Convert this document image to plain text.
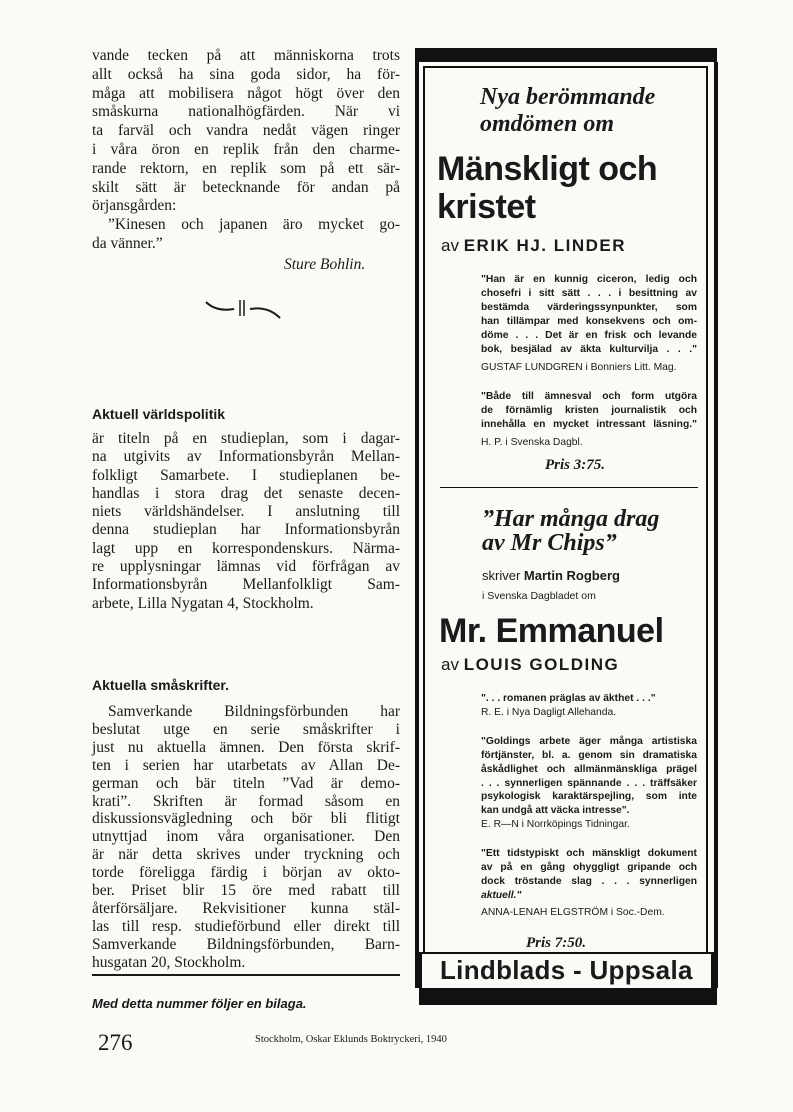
vande tecken på att människorna trots
allt också ha sina goda sidor, ha för-
måga att mobilisera något högt över den
småskurna nationalhögfärden. När vi
ta farväl och vandra nedåt vägen ringer
i våra öron en replik från den charme-
rande rektorn, en replik som på ett sär-
skilt sätt är betecknande för andan på
örjansgården:
”Kinesen och japanen äro mycket go-
da vänner.”
Sture Bohlin.
Aktuell världspolitik
är titeln på en studieplan, som i dagar-
na utgivits av Informationsbyrån Mellan-
folkligt Samarbete. I studieplanen be-
handlas i stora drag det senaste decen-
niets världshändelser. I anslutning till
denna studieplan har Informationsbyrån
lagt upp en korrespondenskurs. Närma-
re upplysningar lämnas vid förfrågan av
Informationsbyrån Mellanfolkligt Sam-
arbete, Lilla Nygatan 4, Stockholm.
Aktuella småskrifter.
Samverkande Bildningsförbunden har
beslutat utge en serie småskrifter i
just nu aktuella ämnen. Den första skrif-
ten i serien har utarbetats av Allan De-
german och bär titeln ”Vad är demo-
krati”. Skriften är formad såsom en
diskussionsvägledning och bör bli flitigt
utnyttjad inom våra organisationer. Den
är när detta skrives under tryckning och
torde föreligga färdig i början av okto-
ber. Priset blir 15 öre med rabatt till
återförsäljare. Rekvisitioner kunna stäl-
las till resp. studieförbund eller direkt till
Samverkande Bildningsförbunden, Barn-
husgatan 20, Stockholm.
Med detta nummer följer en bilaga.
276	Stockholm, Oskar Eklunds Boktryckeri, 1940
Nya berömmande
omdömen om
Mänskligt och
kristet
av ERIK HJ. LINDER
"Han är en kunnig ciceron, ledig och
chosefri i sitt sätt . . . i besittning av
bestämda värderingssynpunkter, som
han tillämpar med konsekvens och om-
döme . . . Det är en frisk och levande
bok, besjälad av äkta kulturvilja . . ."
GUSTAF LUNDGREN i Bonniers Litt. Mag.
"Både till ämnesval och form utgöra
de förnämlig kristen journalistik och
innehålla en mycket intressant läsning."
H. P. i Svenska Dagbl.
Pris 3:75.
”Har många drag
av Mr Chips”
skriver Martin Rogberg
i Svenska Dagbladet om
Mr. Emmanuel
av LOUIS GOLDING
". . . romanen präglas av äkthet . . ."
R. E. i Nya Dagligt Allehanda.
"Goldings arbete äger många artistiska
förtjänster, bl. a. genom sin dramatiska
åskådlighet och allmänmänskliga prägel
. . . synnerligen spännande . . . träffsäker
psykologisk karaktärspejling, som inte
kan undgå att väcka intresse".
E. R—N i Norrköpings Tidningar.
"Ett tidstypiskt och mänskligt dokument
av på en gång ohyggligt gripande och
dock tröstande slag . . . synnerligen
aktuell."
ANNA-LENAH ELGSTRÖM i Soc.-Dem.
Pris 7:50.
Lindblads - Uppsala
